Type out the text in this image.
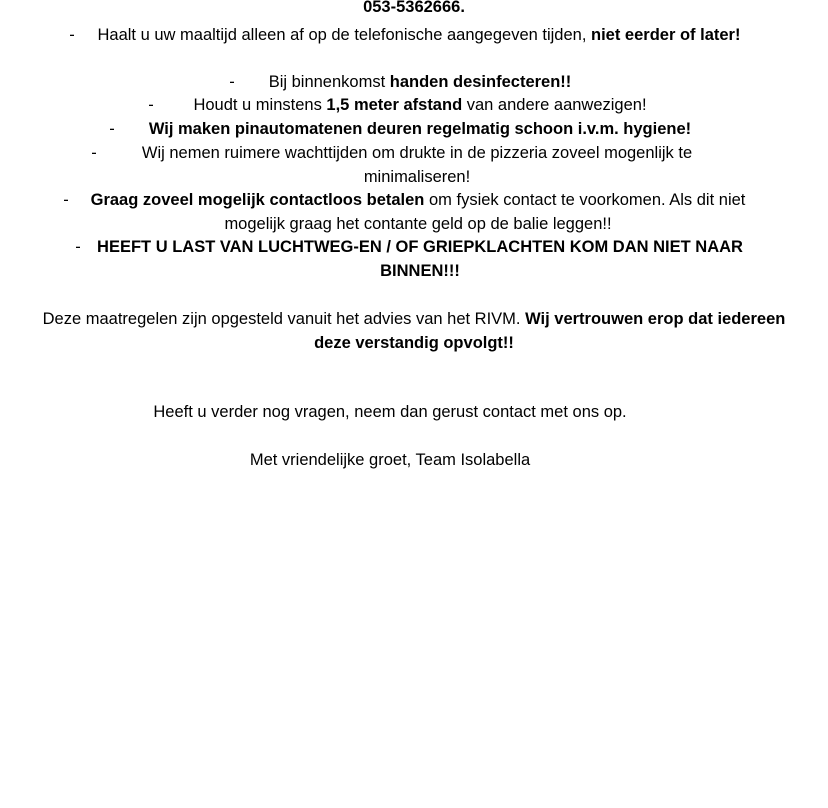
053-5362666.
-	Haalt u uw maaltijd alleen af op de telefonische aangegeven tijden, niet eerder of later!
-	Bij binnenkomst handen desinfecteren!!
-	Houdt u minstens 1,5 meter afstand van andere aanwezigen!
-	Wij maken pinautomatenen deuren regelmatig schoon i.v.m. hygiene!
-	Wij nemen ruimere wachttijden om drukte in de pizzeria zoveel mogenlijk te minimaliseren!
- Graag zoveel mogelijk contactloos betalen om fysiek contact te voorkomen. Als dit niet mogelijk graag het contante geld op de balie leggen!!
- HEEFT U LAST VAN LUCHTWEG-EN / OF GRIEPKLACHTEN KOM DAN NIET NAAR BINNEN!!!
Deze maatregelen zijn opgesteld vanuit het advies van het RIVM. Wij vertrouwen erop dat iedereen deze verstandig opvolgt!!
Heeft u verder nog vragen, neem dan gerust contact met ons op.
Met vriendelijke groet, Team Isolabella
